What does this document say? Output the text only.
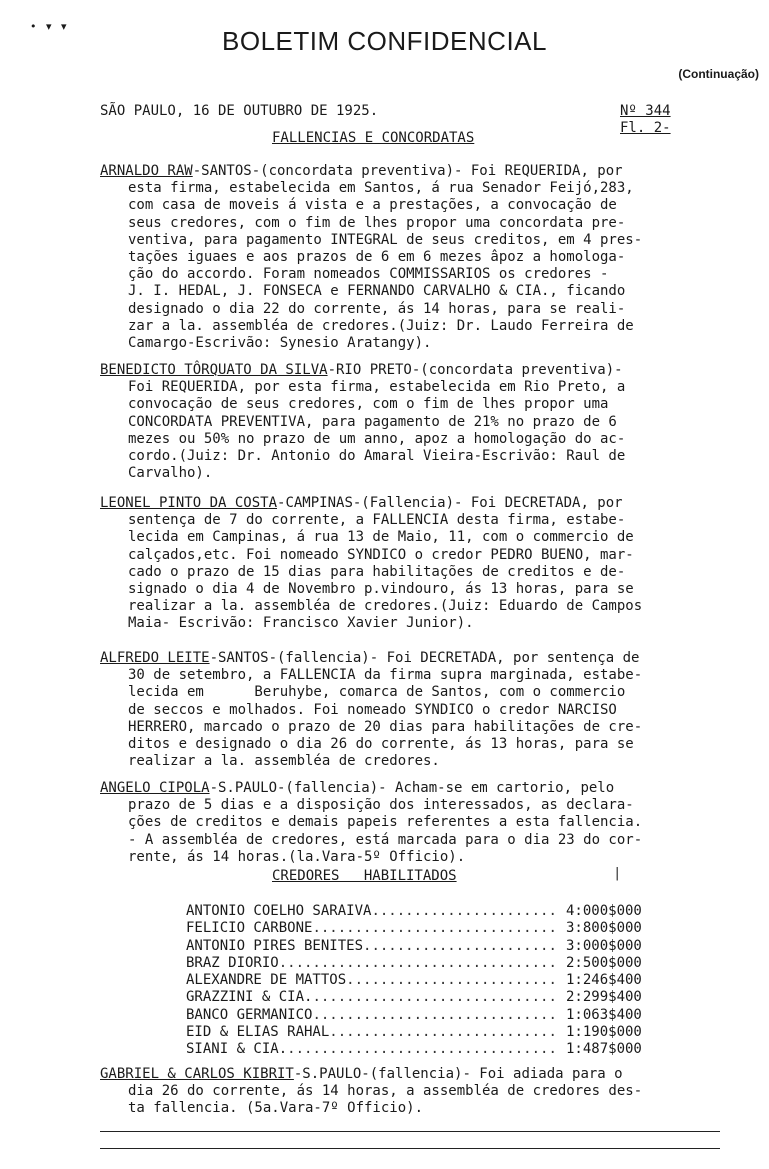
• ▾ ▾	BOLETIM CONFIDENCIAL
(Continuação)
SÃO PAULO, 16 DE OUTUBRO DE 1925.	Nº 344
Fl. 2-
FALLENCIAS E CONCORDATAS
ARNALDO RAW-SANTOS-(concordata preventiva)- Foi REQUERIDA, por
esta firma, estabelecida em Santos, á rua Senador Feijó,283,
com casa de moveis á vista e a prestações, a convocação de
seus credores, com o fim de lhes propor uma concordata pre-
ventiva, para pagamento INTEGRAL de seus creditos, em 4 pres-
tações iguaes e aos prazos de 6 em 6 mezes âpoz a homologa-
ção do accordo. Foram nomeados COMMISSARIOS os credores -
J. I. HEDAL, J. FONSECA e FERNANDO CARVALHO & CIA., ficando
designado o dia 22 do corrente, ás 14 horas, para se reali-
zar a la. assembléa de credores.(Juiz: Dr. Laudo Ferreira de
Camargo-Escrivão: Synesio Aratangy).
BENEDICTO TÔRQUATO DA SILVA-RIO PRETO-(concordata preventiva)-
Foi REQUERIDA, por esta firma, estabelecida em Rio Preto, a
convocação de seus credores, com o fim de lhes propor uma
CONCORDATA PREVENTIVA, para pagamento de 21% no prazo de 6
mezes ou 50% no prazo de um anno, apoz a homologação do ac-
cordo.(Juiz: Dr. Antonio do Amaral Vieira-Escrivão: Raul de
Carvalho).
LEONEL PINTO DA COSTA-CAMPINAS-(Fallencia)- Foi DECRETADA, por
sentença de 7 do corrente, a FALLENCIA desta firma, estabe-
lecida em Campinas, á rua 13 de Maio, 11, com o commercio de
calçados,etc. Foi nomeado SYNDICO o credor PEDRO BUENO, mar-
cado o prazo de 15 dias para habilitações de creditos e de-
signado o dia 4 de Novembro p.vindouro, ás 13 horas, para se
realizar a la. assembléa de credores.(Juiz: Eduardo de Campos
Maia- Escrivão: Francisco Xavier Junior).
ALFREDO LEITE-SANTOS-(fallencia)- Foi DECRETADA, por sentença de
30 de setembro, a FALLENCIA da firma supra marginada, estabe-
lecida em      Beruhybe, comarca de Santos, com o commercio
de seccos e molhados. Foi nomeado SYNDICO o credor NARCISO
HERRERO, marcado o prazo de 20 dias para habilitações de cre-
ditos e designado o dia 26 do corrente, ás 13 horas, para se
realizar a la. assembléa de credores.
ANGELO CIPOLA-S.PAULO-(fallencia)- Acham-se em cartorio, pelo
prazo de 5 dias e a disposição dos interessados, as declara-
ções de creditos e demais papeis referentes a esta fallencia.
- A assembléa de credores, está marcada para o dia 23 do cor-
rente, ás 14 horas.(la.Vara-5º Officio).
CREDORES HABILITADOS	|
ANTONIO COELHO SARAIVA .....	4:000$000
FELICIO CARBONE .....	3:800$000
ANTONIO PIRES BENITES .....	3:000$000
BRAZ DIORIO .....	2:500$000
ALEXANDRE DE MATTOS .....	1:246$400
GRAZZINI & CIA. .....	2:299$400
BANCO GERMANICO .....	1:063$400
EID & ELIAS RAHAL .....	1:190$000
SIANI & CIA. .....	1:487$000
GABRIEL & CARLOS KIBRIT-S.PAULO-(fallencia)- Foi adiada para o
dia 26 do corrente, ás 14 horas, a assembléa de credores des-
ta fallencia. (5a.Vara-7º Officio).
